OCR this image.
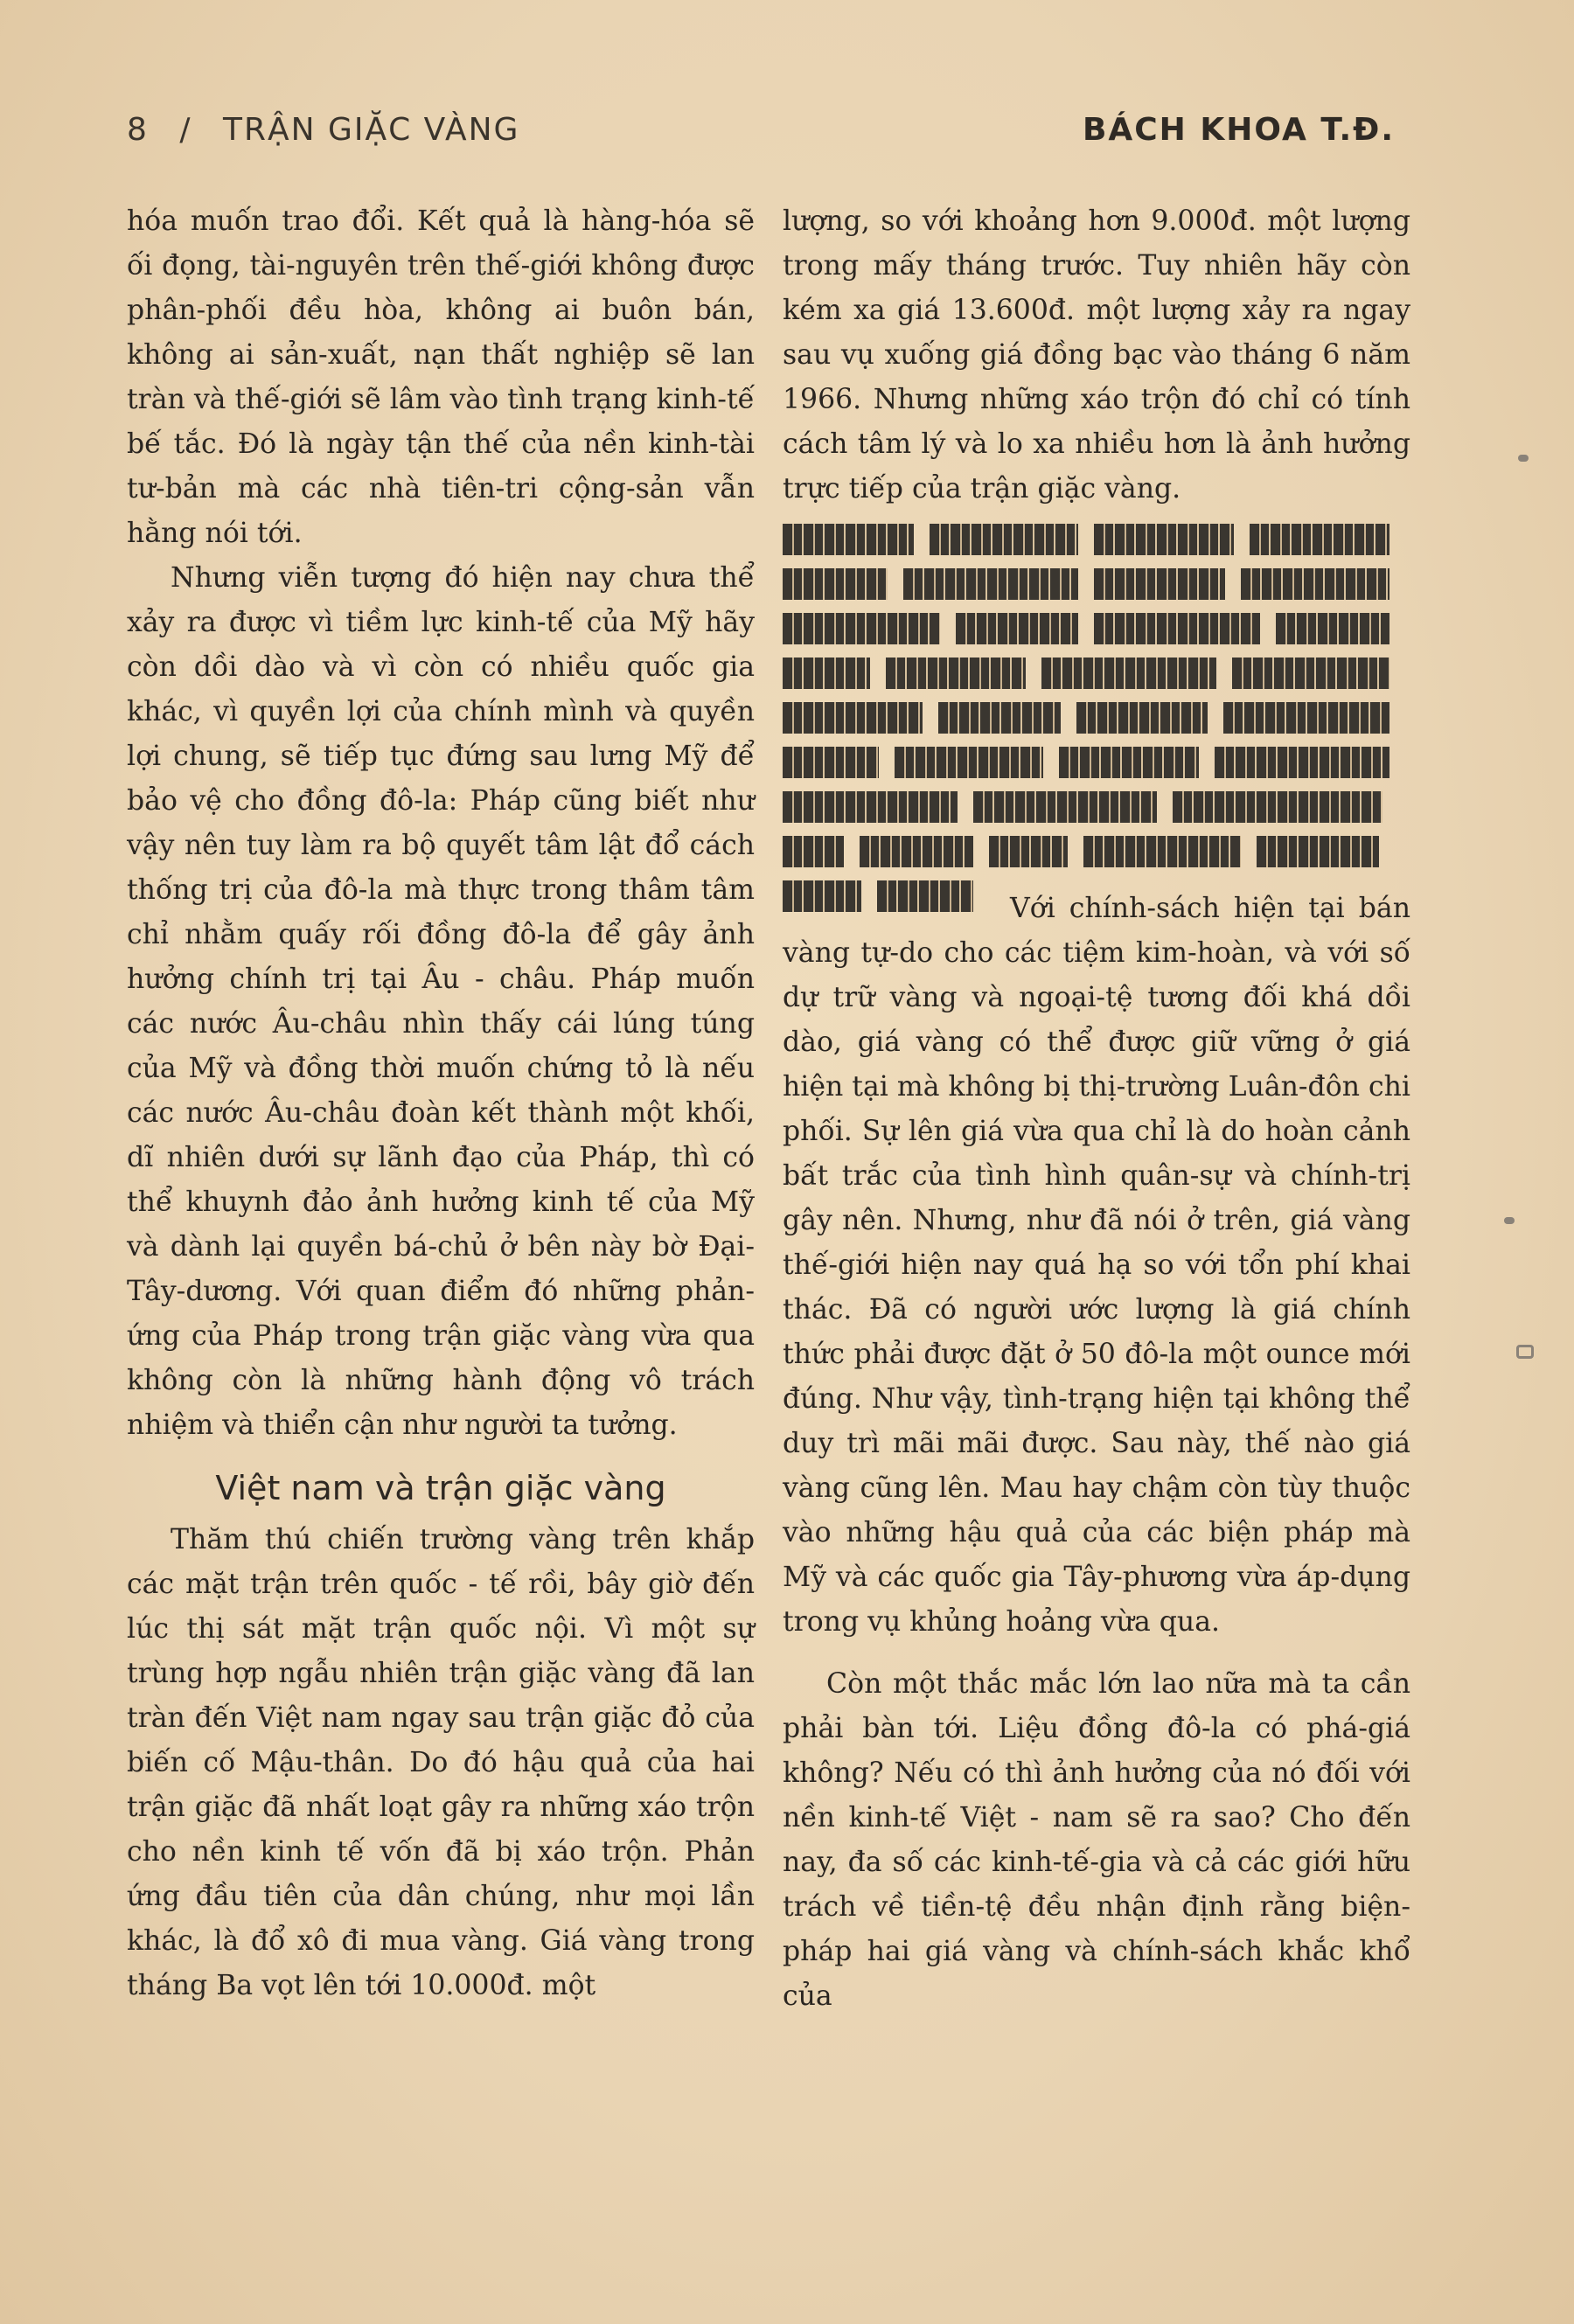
8 / TRẬN GIẶC VÀNG	BÁCH KHOA T.Đ.

hóa muốn trao đổi. Kết quả là hàng-hóa sẽ ối đọng, tài-nguyên trên thế-giới không được phân-phối đều hòa, không ai buôn bán, không ai sản-xuất, nạn thất nghiệp sẽ lan tràn và thế-giới sẽ lâm vào tình trạng kinh-tế bế tắc. Đó là ngày tận thế của nền kinh-tài tư-bản mà các nhà tiên-tri cộng-sản vẫn hằng nói tới.

Nhưng viễn tượng đó hiện nay chưa thể xảy ra được vì tiềm lực kinh-tế của Mỹ hãy còn dồi dào và vì còn có nhiều quốc gia khác, vì quyền lợi của chính mình và quyền lợi chung, sẽ tiếp tục đứng sau lưng Mỹ để bảo vệ cho đồng đô-la: Pháp cũng biết như vậy nên tuy làm ra bộ quyết tâm lật đổ cách thống trị của đô-la mà thực trong thâm tâm chỉ nhằm quấy rối đồng đô-la để gây ảnh hưởng chính trị tại Âu - châu. Pháp muốn các nước Âu-châu nhìn thấy cái lúng túng của Mỹ và đồng thời muốn chứng tỏ là nếu các nước Âu-châu đoàn kết thành một khối, dĩ nhiên dưới sự lãnh đạo của Pháp, thì có thể khuynh đảo ảnh hưởng kinh tế của Mỹ và dành lại quyền bá-chủ ở bên này bờ Đại-Tây-dương. Với quan điểm đó những phản-ứng của Pháp trong trận giặc vàng vừa qua không còn là những hành động vô trách nhiệm và thiển cận như người ta tưởng.

Việt nam và trận giặc vàng

Thăm thú chiến trường vàng trên khắp các mặt trận trên quốc - tế rồi, bây giờ đến lúc thị sát mặt trận quốc nội. Vì một sự trùng hợp ngẫu nhiên trận giặc vàng đã lan tràn đến Việt nam ngay sau trận giặc đỏ của biến cố Mậu-thân. Do đó hậu quả của hai trận giặc đã nhất loạt gây ra những xáo trộn cho nền kinh tế vốn đã bị xáo trộn. Phản ứng đầu tiên của dân chúng, như mọi lần khác, là đổ xô đi mua vàng. Giá vàng trong tháng Ba vọt lên tới 10.000đ. một

lượng, so với khoảng hơn 9.000đ. một lượng trong mấy tháng trước. Tuy nhiên hãy còn kém xa giá 13.600đ. một lượng xảy ra ngay sau vụ xuống giá đồng bạc vào tháng 6 năm 1966. Nhưng những xáo trộn đó chỉ có tính cách tâm lý và lo xa nhiều hơn là ảnh hưởng trực tiếp của trận giặc vàng.

Với chính-sách hiện tại bán vàng tự-do cho các tiệm kim-hoàn, và với số dự trữ vàng và ngoại-tệ tương đối khá dồi dào, giá vàng có thể được giữ vững ở giá hiện tại mà không bị thị-trường Luân-đôn chi phối. Sự lên giá vừa qua chỉ là do hoàn cảnh bất trắc của tình hình quân-sự và chính-trị gây nên. Nhưng, như đã nói ở trên, giá vàng thế-giới hiện nay quá hạ so với tổn phí khai thác. Đã có người ước lượng là giá chính thức phải được đặt ở 50 đô-la một ounce mới đúng. Như vậy, tình-trạng hiện tại không thể duy trì mãi mãi được. Sau này, thế nào giá vàng cũng lên. Mau hay chậm còn tùy thuộc vào những hậu quả của các biện pháp mà Mỹ và các quốc gia Tây-phương vừa áp-dụng trong vụ khủng hoảng vừa qua.

Còn một thắc mắc lớn lao nữa mà ta cần phải bàn tới. Liệu đồng đô-la có phá-giá không? Nếu có thì ảnh hưởng của nó đối với nền kinh-tế Việt - nam sẽ ra sao? Cho đến nay, đa số các kinh-tế-gia và cả các giới hữu trách về tiền-tệ đều nhận định rằng biện-pháp hai giá vàng và chính-sách khắc khổ của
